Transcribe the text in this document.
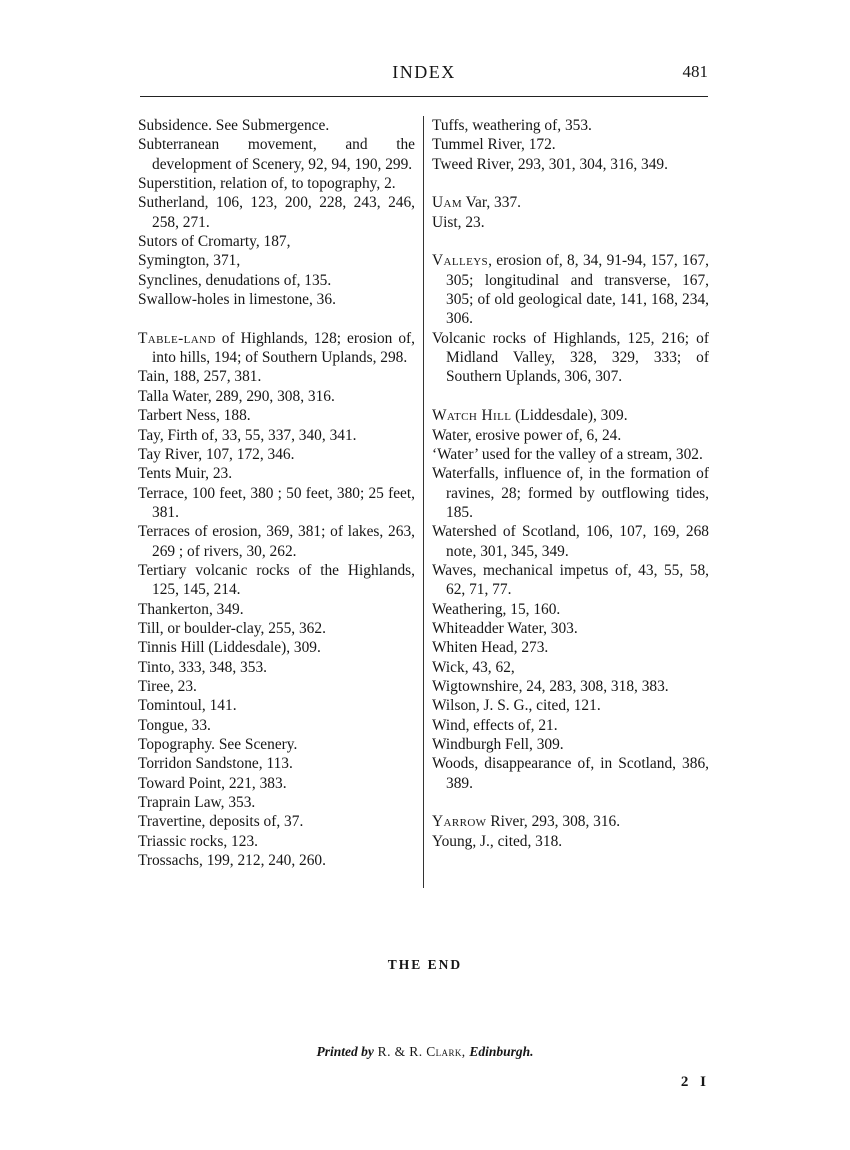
INDEX	481

Subsidence. See Submergence.

Subterranean movement, and the development of Scenery, 92, 94, 190, 299.

Superstition, relation of, to topography, 2.

Sutherland, 106, 123, 200, 228, 243, 246, 258, 271.

Sutors of Cromarty, 187,

Symington, 371,

Synclines, denudations of, 135.

Swallow-holes in limestone, 36.

Table-land of Highlands, 128; erosion of, into hills, 194; of Southern Uplands, 298.

Tain, 188, 257, 381.

Talla Water, 289, 290, 308, 316.

Tarbert Ness, 188.

Tay, Firth of, 33, 55, 337, 340, 341.

Tay River, 107, 172, 346.

Tents Muir, 23.

Terrace, 100 feet, 380 ; 50 feet, 380; 25 feet, 381.

Terraces of erosion, 369, 381; of lakes, 263, 269 ; of rivers, 30, 262.

Tertiary volcanic rocks of the Highlands, 125, 145, 214.

Thankerton, 349.

Till, or boulder-clay, 255, 362.

Tinnis Hill (Liddesdale), 309.

Tinto, 333, 348, 353.

Tiree, 23.

Tomintoul, 141.

Tongue, 33.

Topography. See Scenery.

Torridon Sandstone, 113.

Toward Point, 221, 383.

Traprain Law, 353.

Travertine, deposits of, 37.

Triassic rocks, 123.

Trossachs, 199, 212, 240, 260.

Tuffs, weathering of, 353.

Tummel River, 172.

Tweed River, 293, 301, 304, 316, 349.

Uam Var, 337.

Uist, 23.

Valleys, erosion of, 8, 34, 91-94, 157, 167, 305; longitudinal and transverse, 167, 305; of old geological date, 141, 168, 234, 306.

Volcanic rocks of Highlands, 125, 216; of Midland Valley, 328, 329, 333; of Southern Uplands, 306, 307.

Watch Hill (Liddesdale), 309.

Water, erosive power of, 6, 24.

‘Water’ used for the valley of a stream, 302.

Waterfalls, influence of, in the formation of ravines, 28; formed by outflowing tides, 185.

Watershed of Scotland, 106, 107, 169, 268 note, 301, 345, 349.

Waves, mechanical impetus of, 43, 55, 58, 62, 71, 77.

Weathering, 15, 160.

Whiteadder Water, 303.

Whiten Head, 273.

Wick, 43, 62,

Wigtownshire, 24, 283, 308, 318, 383.

Wilson, J. S. G., cited, 121.

Wind, effects of, 21.

Windburgh Fell, 309.

Woods, disappearance of, in Scotland, 386, 389.

Yarrow River, 293, 308, 316.

Young, J., cited, 318.

THE END
Printed by R. & R. Clark, Edinburgh.
2 I
